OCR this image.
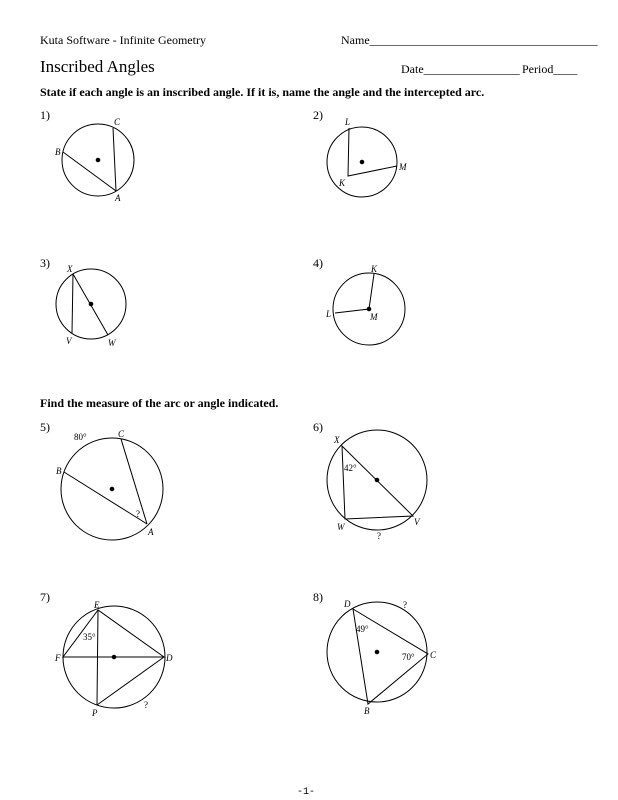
Kuta Software - Infinite Geometry	Name______________________________________
Inscribed Angles	Date________________ Period____
State if each angle is an inscribed angle. If it is, name the angle and the intercepted arc.
Find the measure of the arc or angle indicated.
1)	2)
3)	4)
5)	6)
7)	8)
B
C
A
L
M
K
X
V	W
K
L	M
B
C
A
80°
?
X
W	V
42°
?
E
F	D
P
35°
?
D
C
B
49°
70°
?
-1-
